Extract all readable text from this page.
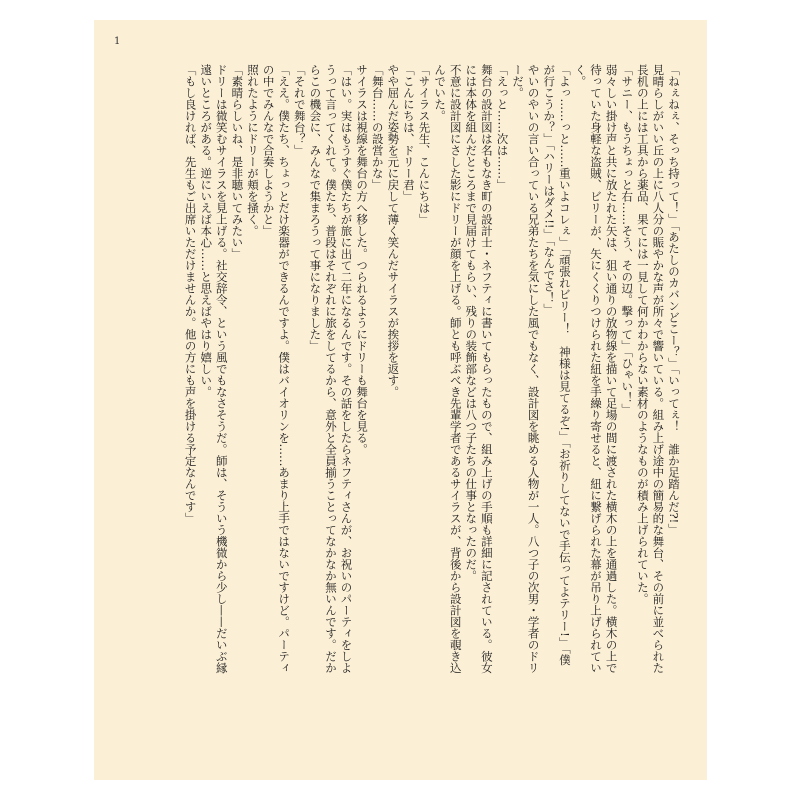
1

「ねぇねぇ、そっち持って！」「あたしのカバンどこー？」「いってぇ！　誰か足踏んだ?!」

見晴らしがいい丘の上に八人分の賑やかな声が所々で響いている。組み上げ途中の簡易的な舞台、その前に並べられた長机の上には工具から薬品、果てには一見して何かわからない素材のようなものが積み上げられていた。

「サニー、もうちょっと右……そう、その辺。撃って」「ひゃい！」

弱々しい掛け声と共に放たれた矢は、狙い通りの放物線を描いて足場の間に渡された横木の上を通過した。横木の上で待っていた身軽な盗賊、ビリーが、矢にくくりつけられた紐を手繰り寄せると、紐に繋げられた幕が吊り上げられていく。

「よっ……っと……重いよコレぇ」「頑張れビリー！　神様は見てるぞ!」「お祈りしてないで手伝ってよテリー!」「僕が行こうか？」「ハリーはダメ!!」「なんでさ！」

やいのやいの言い合っている兄弟たちを気にした風でもなく、設計図を眺める人物が一人。八つ子の次男・学者のドリーだ。

「えっと……次は……」

舞台の設計図は名もなき町の設計士・ネフティに書いてもらったもので、組み上げの手順も詳細に記されている。彼女には本体を組んだところまで見届けてもらい、残りの装飾部などは八つ子たちの仕事となったのだ。

不意に設計図にさした影にドリーが顔を上げる。師とも呼ぶべき先輩学者であるサイラスが、背後から設計図を覗き込んでいた。

「サイラス先生、こんにちは」

「こんにちは、ドリー君」

やや屈んだ姿勢を元に戻して薄く笑んだサイラスが挨拶を返す。

「舞台……の設営かな」

サイラスは視線を舞台の方へ移した。つられるようにドリーも舞台を見る。

「はい。実はもうすぐ僕たちが旅に出て二年になるんです。その話をしたらネフティさんが、お祝いのパーティをしようって言ってくれて。僕たち、普段はそれぞれに旅をしてるから、意外と全員揃うことってなかなか無いんです。だからこの機会に、みんなで集まろうって事になりました」

「それで舞台？」

「ええ。僕たち、ちょっとだけ楽器ができるんですよ。僕はバイオリンを……あまり上手ではないですけど。パーティの中でみんなで合奏しようかと」

照れたようにドリーが頬を掻く。

「素晴らしいね、是非聴いてみたい」

ドリーは微笑むサイラスを見上げる。社交辞令、という風でもなさそうだ。師は、そういう機微から少し——だいぶ縁遠いところがある。逆にいえば本心……と思えばやはり嬉しい。

「もし良ければ、先生もご出席いただけませんか。他の方にも声を掛ける予定なんです」
